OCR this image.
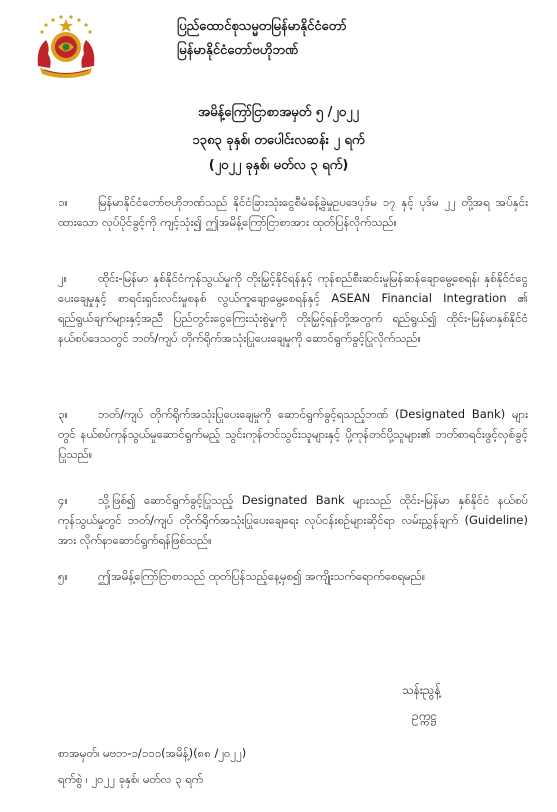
ပြည်ထောင်စုသမ္မတမြန်မာနိုင်ငံတော်
မြန်မာနိုင်ငံတော်ဗဟိုဘဏ်
အမိန့်ကြော်ငြာစာအမှတ် ၅ /၂၀၂၂
၁၃၈၃ ခုနှစ်၊ တပေါင်းလဆန်း ၂ ရက်
(၂၀၂၂ ခုနှစ်၊ မတ်လ ၃ ရက်)
၁။	မြန်မာနိုင်ငံတော်ဗဟိုဘဏ်သည် နိုင်ငံခြားသုံးငွေစီမံခန့်ခွဲမှုဥပဒေပုဒ်မ ၁၇ နှင့် ပုဒ်မ ၂၂ တို့အရ အပ်နှင်းထားသော လုပ်ပိုင်ခွင့်ကို ကျင့်သုံး၍ ဤအမိန့်ကြော်ငြာစာအား ထုတ်ပြန်လိုက်သည်။
၂။	ထိုင်း-မြန်မာ နှစ်နိုင်ငံကုန်သွယ်မှုကို တိုးမြှင့်နိုင်ရန်နှင့် ကုန်စည်စီးဆင်းမှုမြန်ဆန်ချောမွေ့စေရန်၊ နှစ်နိုင်ငံငွေပေးချေမှုနှင့် စာရင်းရှင်းလင်းမှုစနစ် လွယ်ကူချောမွေ့စေရန်နှင့် ASEAN Financial Integration ၏ ရည်ရွယ်ချက်များနှင့်အညီ ပြည်တွင်းငွေကြေးသုံးစွဲမှုကို တိုးမြှင့်ရန်တို့အတွက် ရည်ရွယ်၍ ထိုင်း-မြန်မာနှစ်နိုင်ငံ နယ်စပ်ဒေသတွင် ဘတ်/ကျပ် တိုက်ရိုက်အသုံးပြုပေးချေမှုကို ဆောင်ရွက်ခွင့်ပြုလိုက်သည်။
၃။	ဘတ်/ကျပ် တိုက်ရိုက်အသုံးပြုပေးချေမှုကို ဆောင်ရွက်ခွင့်ရသည့်ဘဏ် (Designated Bank) များတွင် နယ်စပ်ကုန်သွယ်မှုဆောင်ရွက်မည့် သွင်းကုန်တင်သွင်းသူများနှင့် ပို့ကုန်တင်ပို့သူများ၏ ဘတ်စာရင်းဖွင့်လှစ်ခွင့်ပြုသည်။
၄။	သို့ဖြစ်၍ ဆောင်ရွက်ခွင့်ပြုသည့် Designated Bank များသည် ထိုင်း-မြန်မာ နှစ်နိုင်ငံ နယ်စပ်ကုန်သွယ်မှုတွင် ဘတ်/ကျပ် တိုက်ရိုက်အသုံးပြုပေးချေရေး လုပ်ငန်းစဉ်များဆိုင်ရာ လမ်းညွှန်ချက် (Guideline) အား လိုက်နာဆောင်ရွက်ရန်ဖြစ်သည်။
၅။	ဤအမိန့်ကြော်ငြာစာသည် ထုတ်ပြန်သည့်နေ့မှစ၍ အကျိုးသက်ရောက်စေရမည်။
သန်းညွန့်
ဥက္ကဋ္ဌ
စာအမှတ်၊ မဗဘ-၁/၁၁၁(အမိန့်)(၈၈ /၂၀၂၂)
ရက်စွဲ ၊ ၂၀၂၂ ခုနှစ်၊ မတ်လ ၃ ရက်
